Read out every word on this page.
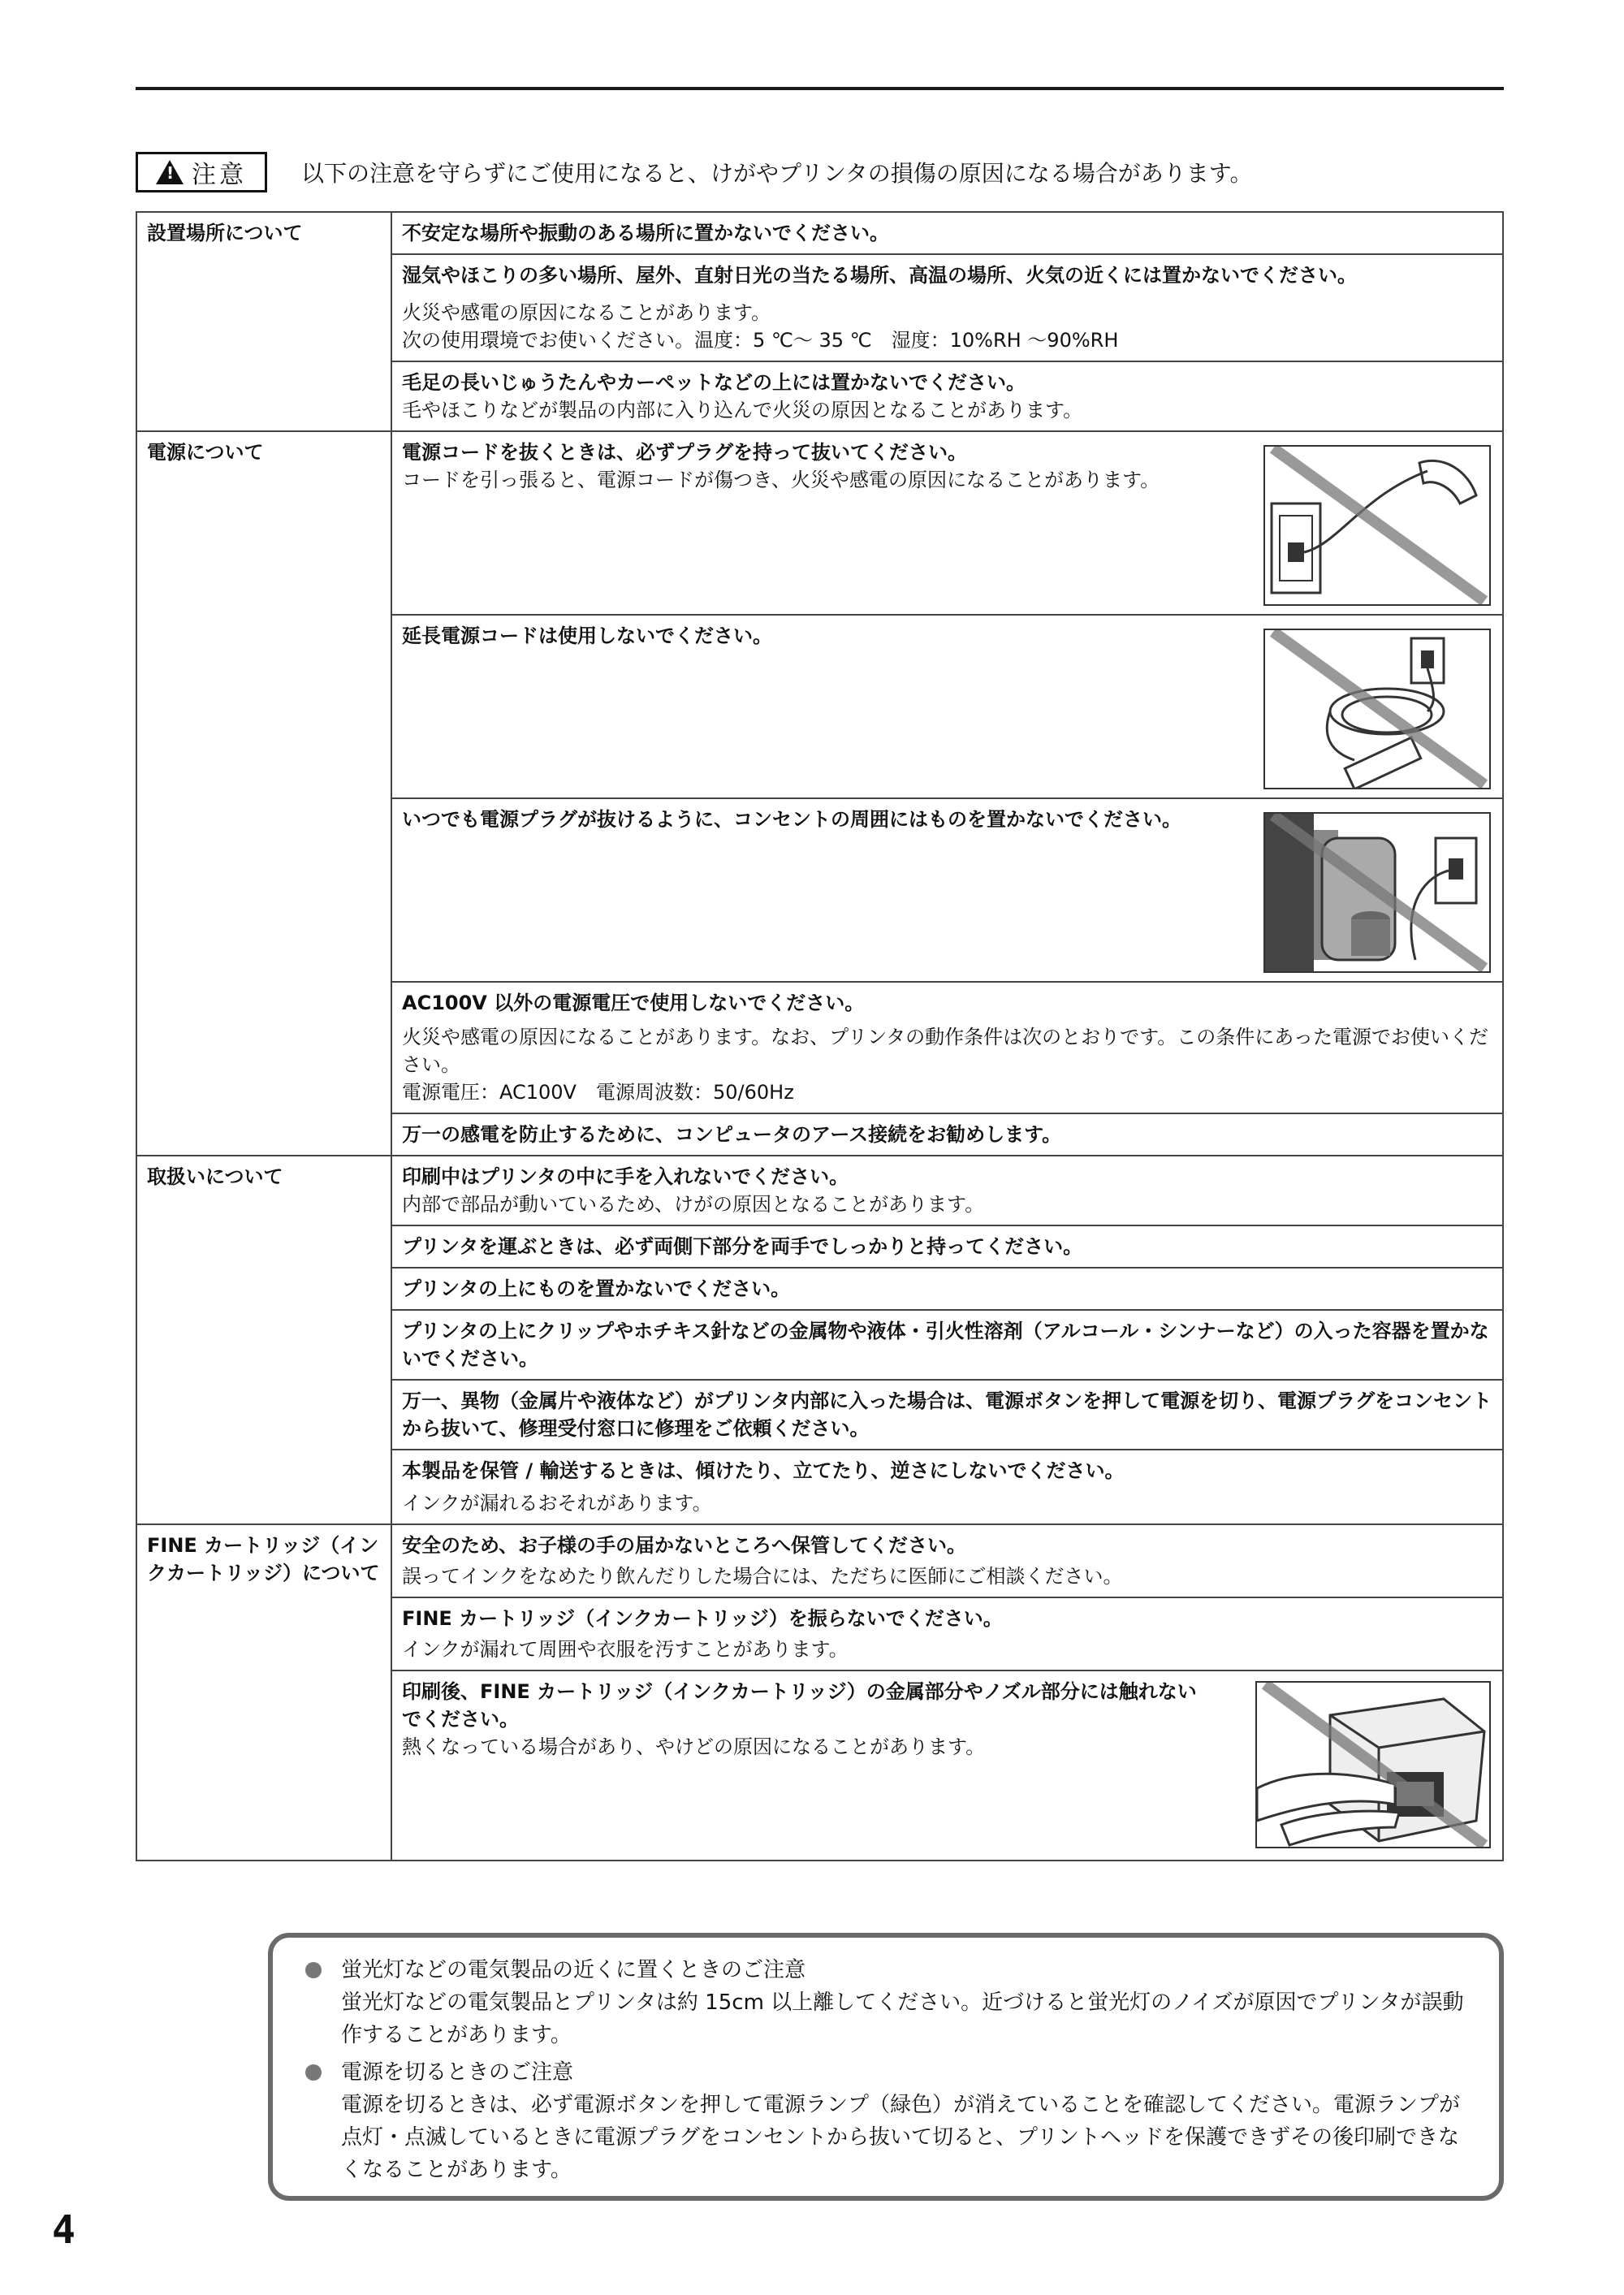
!
注意 以下の注意を守らずにご使用になると、けがやプリンタの損傷の原因になる場合があります。
設置場所について	不安定な場所や振動のある場所に置かないでください。

	湿気やほこりの多い場所、屋外、直射日光の当たる場所、高温の場所、火気の近くには置かないでください。
火災や感電の原因になることがあります。
次の使用環境でお使いください。温度：5 ℃～ 35 ℃　湿度：10%RH ～90%RH

	毛足の長いじゅうたんやカーペットなどの上には置かないでください。
毛やほこりなどが製品の内部に入り込んで火災の原因となることがあります。

電源について	電源コードを抜くときは、必ずプラグを持って抜いてください。
コードを引っ張ると、電源コードが傷つき、火災や感電の原因になることがあります。

	延長電源コードは使用しないでください。

	いつでも電源プラグが抜けるように、コンセントの周囲にはものを置かないでください。

	AC100V 以外の電源電圧で使用しないでください。
火災や感電の原因になることがあります。なお、プリンタの動作条件は次のとおりです。この条件にあった電源でお使いください。
電源電圧：AC100V　電源周波数：50/60Hz

	万一の感電を防止するために、コンピュータのアース接続をお勧めします。

取扱いについて	印刷中はプリンタの中に手を入れないでください。
内部で部品が動いているため、けがの原因となることがあります。

	プリンタを運ぶときは、必ず両側下部分を両手でしっかりと持ってください。

	プリンタの上にものを置かないでください。

	プリンタの上にクリップやホチキス針などの金属物や液体・引火性溶剤（アルコール・シンナーなど）の入った容器を置かないでください。

	万一、異物（金属片や液体など）がプリンタ内部に入った場合は、電源ボタンを押して電源を切り、電源プラグをコンセントから抜いて、修理受付窓口に修理をご依頼ください。

	本製品を保管 / 輸送するときは、傾けたり、立てたり、逆さにしないでください。
インクが漏れるおそれがあります。

FINE カートリッジ（インクカートリッジ）について	安全のため、お子様の手の届かないところへ保管してください。
誤ってインクをなめたり飲んだりした場合には、ただちに医師にご相談ください。

	FINE カートリッジ（インクカートリッジ）を振らないでください。
インクが漏れて周囲や衣服を汚すことがあります。

	印刷後、FINE カートリッジ（インクカートリッジ）の金属部分やノズル部分には触れないでください。
熱くなっている場合があり、やけどの原因になることがあります。
蛍光灯などの電気製品の近くに置くときのご注意
蛍光灯などの電気製品とプリンタは約 15cm 以上離してください。近づけると蛍光灯のノイズが原因でプリンタが誤動作することがあります。
電源を切るときのご注意
電源を切るときは、必ず電源ボタンを押して電源ランプ（緑色）が消えていることを確認してください。電源ランプが点灯・点滅しているときに電源プラグをコンセントから抜いて切ると、プリントヘッドを保護できずその後印刷できなくなることがあります。
4
